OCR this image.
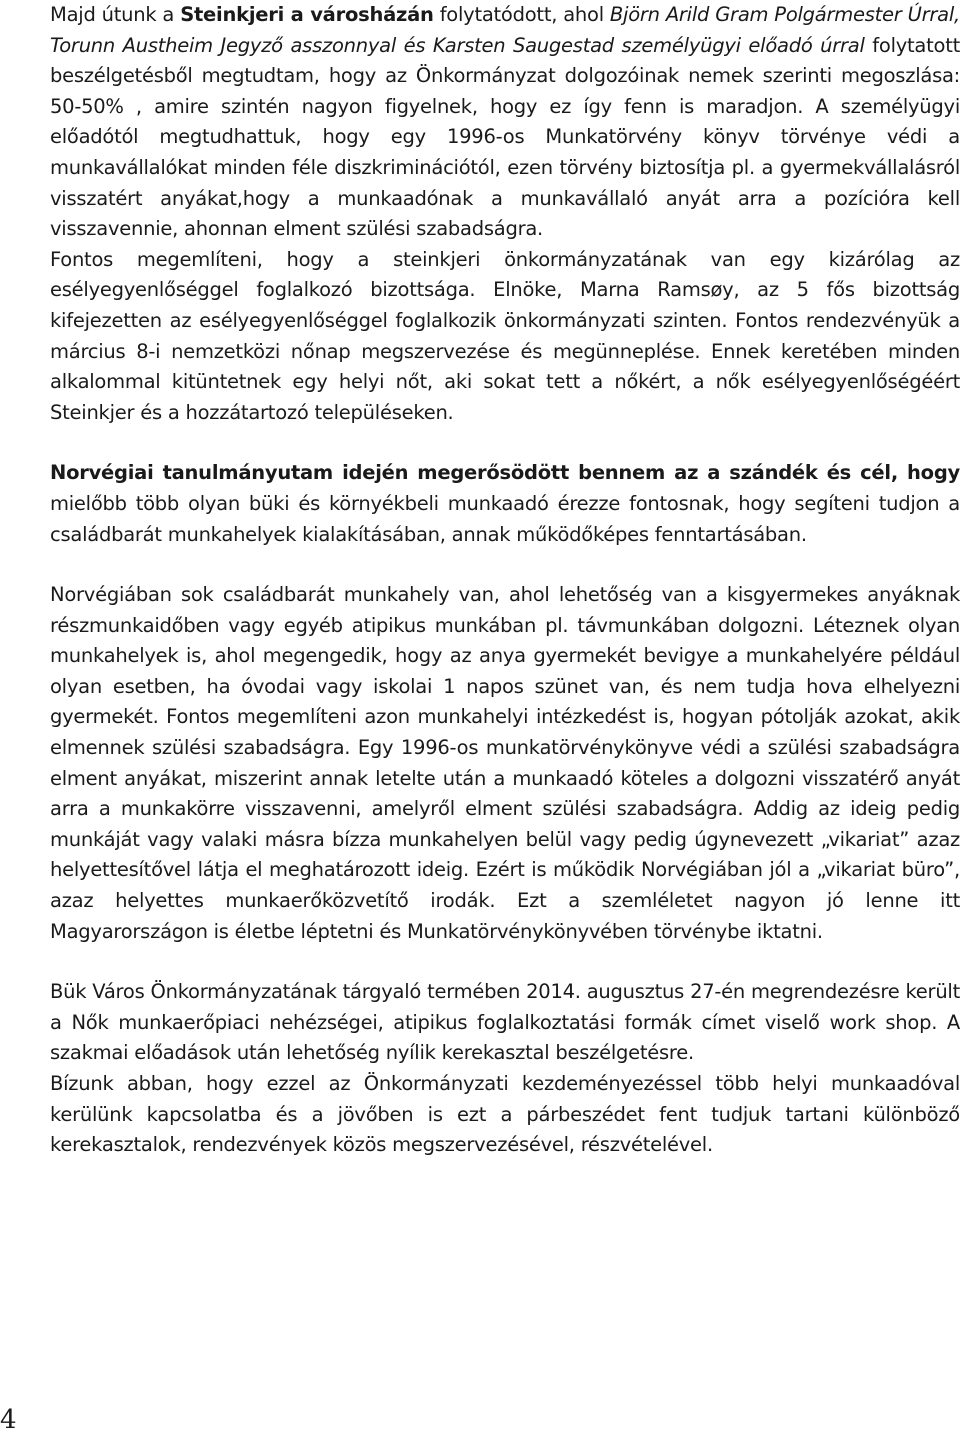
Majd útunk a Steinkjeri a városházán folytatódott, ahol Björn Arild Gram Polgármester Úrral, Torunn Austheim Jegyző asszonnyal és Karsten Saugestad személyügyi előadó úrral folytatott beszélgetésből megtudtam, hogy az Önkormányzat dolgozóinak nemek szerinti megoszlása: 50-50% , amire szintén nagyon figyelnek, hogy ez így fenn is maradjon. A személyügyi előadótól megtudhattuk, hogy egy 1996-os Munkatörvény könyv törvénye védi a munkavállalókat minden féle diszkriminációtól, ezen törvény biztosítja pl. a gyermekvállalásról visszatért anyákat,hogy a munkaadónak a munkavállaló anyát arra a pozícióra kell visszavennie, ahonnan elment szülési szabadságra.

Fontos megemlíteni, hogy a steinkjeri önkormányzatának van egy kizárólag az esélyegyenlőséggel foglalkozó bizottsága. Elnöke, Marna Ramsøy, az 5 fős bizottság kifejezetten az esélyegyenlőséggel foglalkozik önkormányzati szinten. Fontos rendezvényük a március 8-i nemzetközi nőnap megszervezése és megünneplése. Ennek keretében minden alkalommal kitüntetnek egy helyi nőt, aki sokat tett a nőkért, a nők esélyegyenlőségéért Steinkjer és a hozzátartozó településeken.

Norvégiai tanulmányutam idején megerősödött bennem az a szándék és cél, hogy mielőbb több olyan büki és környékbeli munkaadó érezze fontosnak, hogy segíteni tudjon a családbarát munkahelyek kialakításában, annak működőképes fenntartásában.

Norvégiában sok családbarát munkahely van, ahol lehetőség van a kisgyermekes anyáknak részmunkaidőben vagy egyéb atipikus munkában pl. távmunkában dolgozni. Léteznek olyan munkahelyek is, ahol megengedik, hogy az anya gyermekét bevigye a munkahelyére például olyan esetben, ha óvodai vagy iskolai 1 napos szünet van, és nem tudja hova elhelyezni gyermekét. Fontos megemlíteni azon munkahelyi intézkedést is, hogyan pótolják azokat, akik elmennek szülési szabadságra. Egy 1996-os munkatörvénykönyve védi a szülési szabadságra elment anyákat, miszerint annak letelte után a munkaadó köteles a dolgozni visszatérő anyát arra a munkakörre visszavenni, amelyről elment szülési szabadságra. Addig az ideig pedig munkáját vagy valaki másra bízza munkahelyen belül vagy pedig úgynevezett „vikariat” azaz helyettesítővel látja el meghatározott ideig. Ezért is működik Norvégiában jól a „vikariat büro”, azaz helyettes munkaerőközvetítő irodák. Ezt a szemléletet nagyon jó lenne itt Magyarországon is életbe léptetni és Munkatörvénykönyvében törvénybe iktatni.

Bük Város Önkormányzatának tárgyaló termében 2014. augusztus 27-én megrendezésre került a Nők munkaerőpiaci nehézségei, atipikus foglalkoztatási formák címet viselő work shop. A szakmai előadások után lehetőség nyílik kerekasztal beszélgetésre.

Bízunk abban, hogy ezzel az Önkormányzati kezdeményezéssel több helyi munkaadóval kerülünk kapcsolatba és a jövőben is ezt a párbeszédet fent tudjuk tartani különböző kerekasztalok, rendezvények közös megszervezésével, részvételével.

4
